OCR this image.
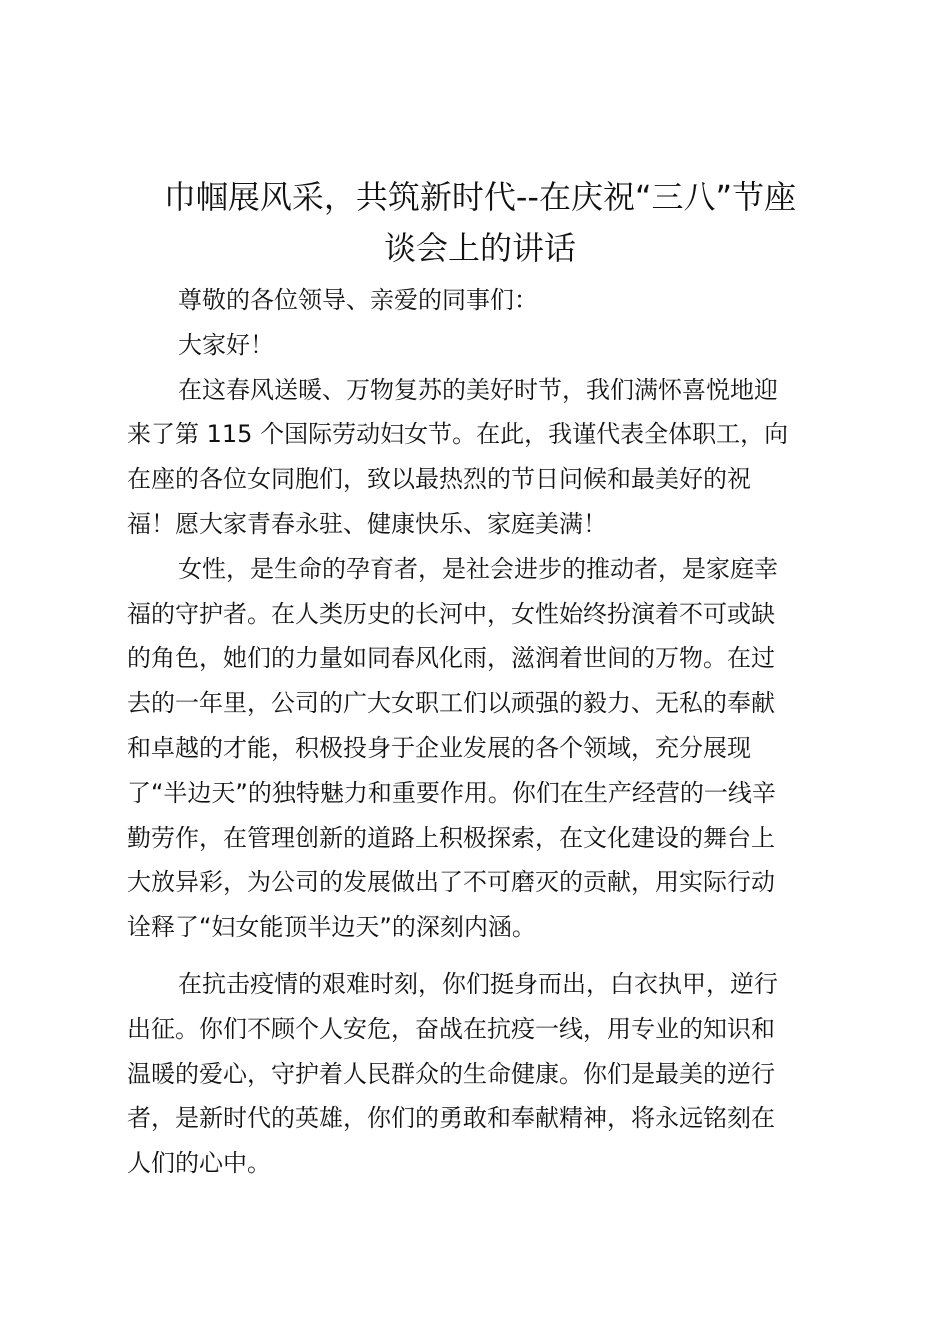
巾帼展风采，共筑新时代--在庆祝“三八”节座
谈会上的讲话
尊敬的各位领导、亲爱的同事们：
大家好！
在这春风送暖、万物复苏的美好时节，我们满怀喜悦地迎
来了第 115 个国际劳动妇女节。在此，我谨代表全体职工，向
在座的各位女同胞们，致以最热烈的节日问候和最美好的祝
福！愿大家青春永驻、健康快乐、家庭美满！
女性，是生命的孕育者，是社会进步的推动者，是家庭幸
福的守护者。在人类历史的长河中，女性始终扮演着不可或缺
的角色，她们的力量如同春风化雨，滋润着世间的万物。在过
去的一年里，公司的广大女职工们以顽强的毅力、无私的奉献
和卓越的才能，积极投身于企业发展的各个领域，充分展现
了“半边天”的独特魅力和重要作用。你们在生产经营的一线辛
勤劳作，在管理创新的道路上积极探索，在文化建设的舞台上
大放异彩，为公司的发展做出了不可磨灭的贡献，用实际行动
诠释了“妇女能顶半边天”的深刻内涵。
在抗击疫情的艰难时刻，你们挺身而出，白衣执甲，逆行
出征。你们不顾个人安危，奋战在抗疫一线，用专业的知识和
温暖的爱心，守护着人民群众的生命健康。你们是最美的逆行
者，是新时代的英雄，你们的勇敢和奉献精神，将永远铭刻在
人们的心中。
